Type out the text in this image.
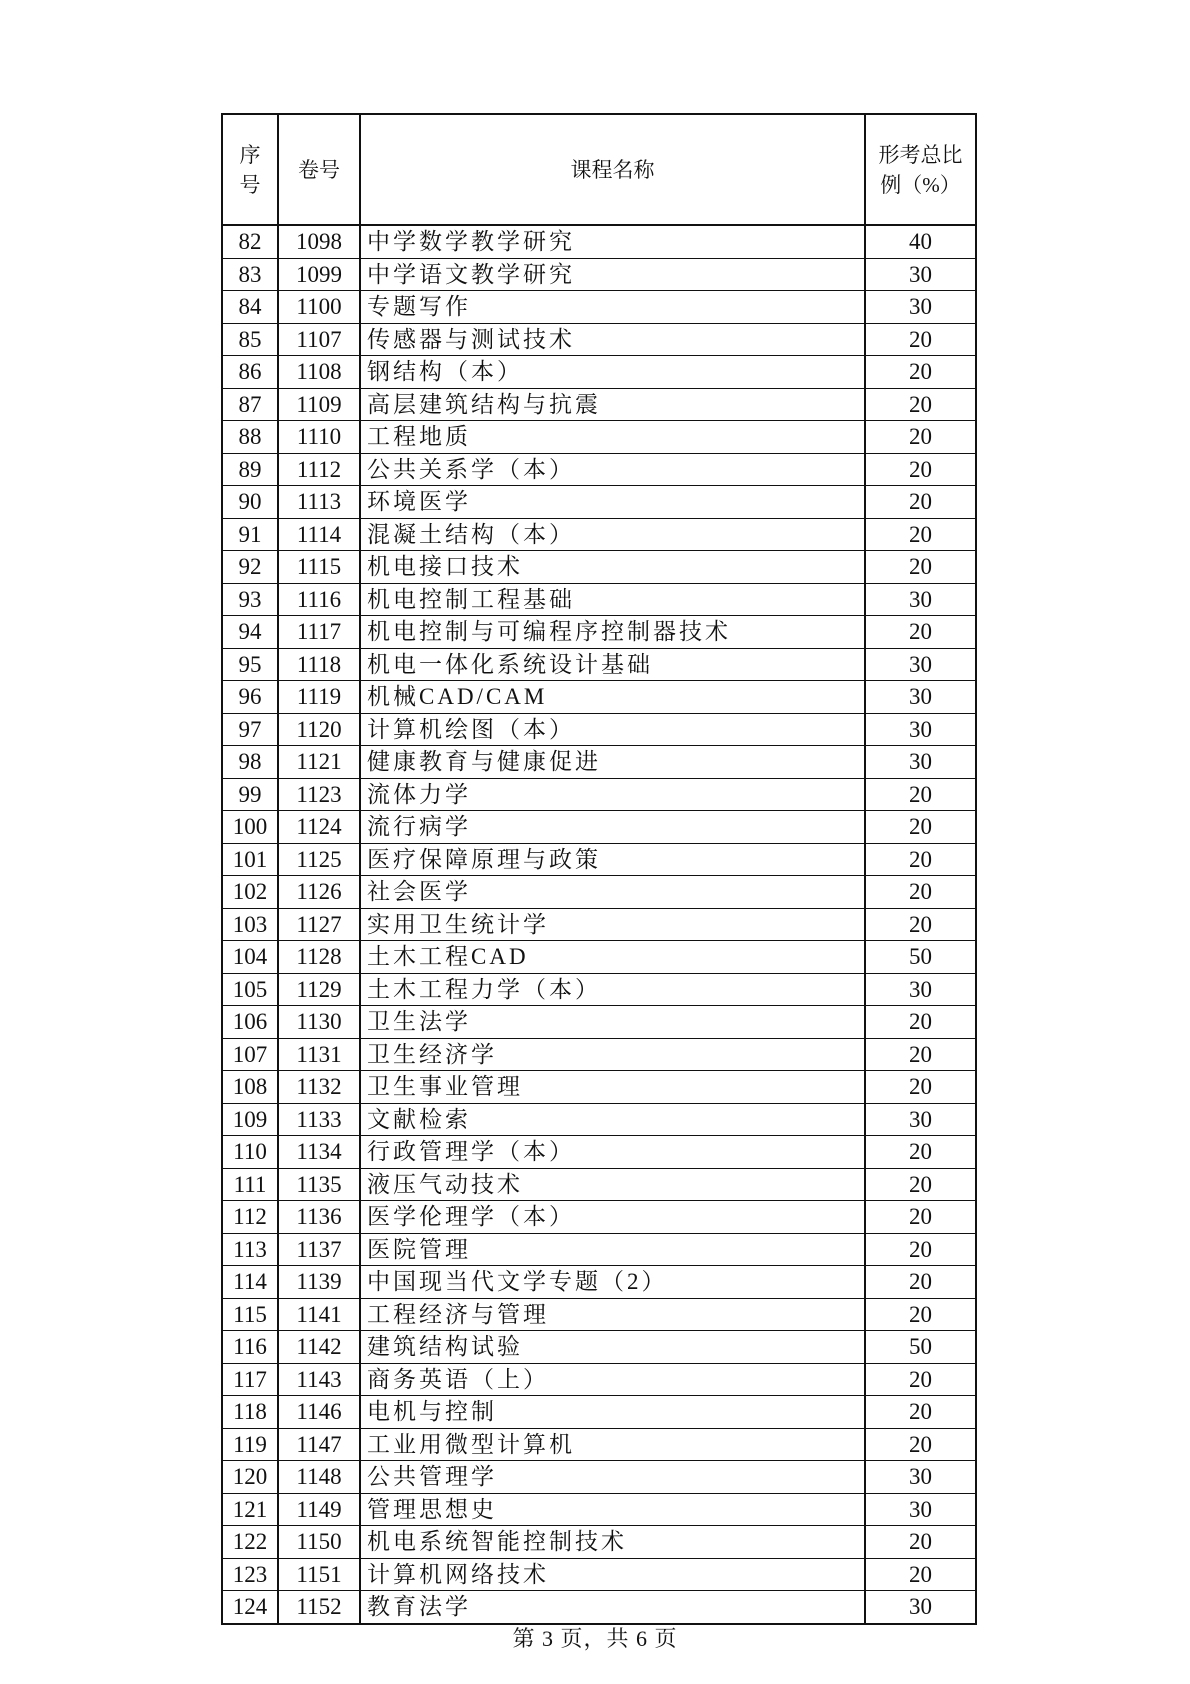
序号	卷号	课程名称	形考总比例（%）
82	1098	中学数学教学研究	40
83	1099	中学语文教学研究	30
84	1100	专题写作	30
85	1107	传感器与测试技术	20
86	1108	钢结构（本）	20
87	1109	高层建筑结构与抗震	20
88	1110	工程地质	20
89	1112	公共关系学（本）	20
90	1113	环境医学	20
91	1114	混凝土结构（本）	20
92	1115	机电接口技术	20
93	1116	机电控制工程基础	30
94	1117	机电控制与可编程序控制器技术	20
95	1118	机电一体化系统设计基础	30
96	1119	机械CAD/CAM	30
97	1120	计算机绘图（本）	30
98	1121	健康教育与健康促进	30
99	1123	流体力学	20
100	1124	流行病学	20
101	1125	医疗保障原理与政策	20
102	1126	社会医学	20
103	1127	实用卫生统计学	20
104	1128	土木工程CAD	50
105	1129	土木工程力学（本）	30
106	1130	卫生法学	20
107	1131	卫生经济学	20
108	1132	卫生事业管理	20
109	1133	文献检索	30
110	1134	行政管理学（本）	20
111	1135	液压气动技术	20
112	1136	医学伦理学（本）	20
113	1137	医院管理	20
114	1139	中国现当代文学专题（2）	20
115	1141	工程经济与管理	20
116	1142	建筑结构试验	50
117	1143	商务英语（上）	20
118	1146	电机与控制	20
119	1147	工业用微型计算机	20
120	1148	公共管理学	30
121	1149	管理思想史	30
122	1150	机电系统智能控制技术	20
123	1151	计算机网络技术	20
124	1152	教育法学	30
第 3 页，共 6 页
